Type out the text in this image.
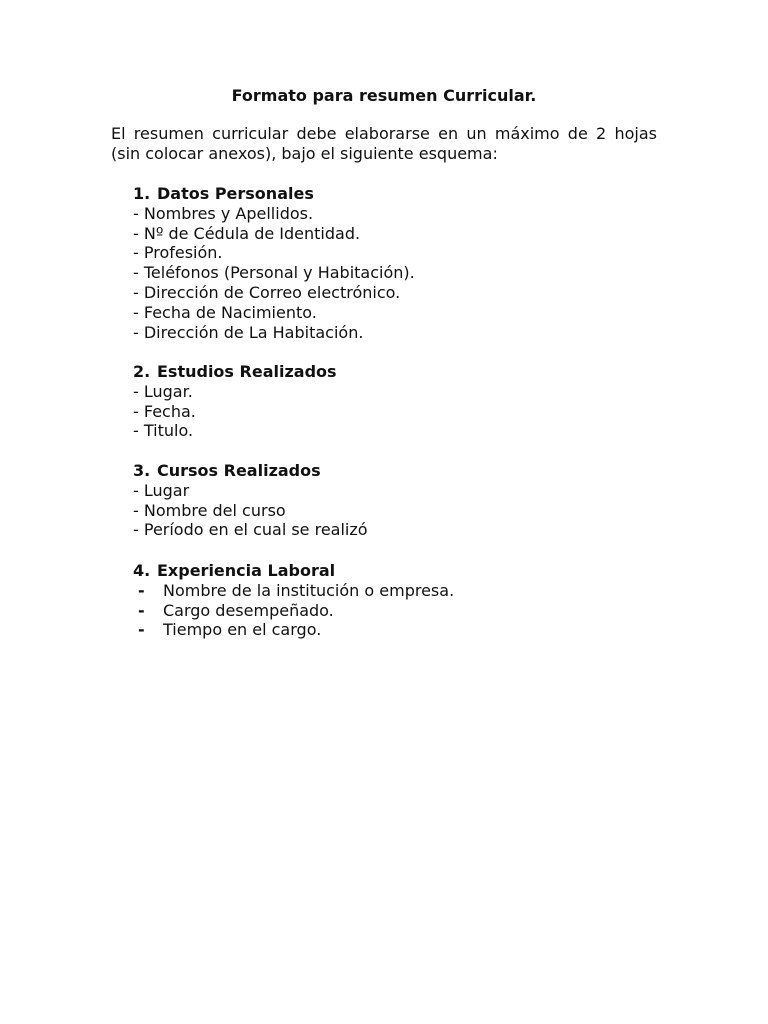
Formato para resumen Curricular.
El resumen curricular debe elaborarse en un máximo de 2 hojas (sin colocar anexos), bajo el siguiente esquema:
1. Datos Personales
- Nombres y Apellidos.
- Nº de Cédula de Identidad.
- Profesión.
- Teléfonos (Personal y Habitación).
- Dirección de Correo electrónico.
- Fecha de Nacimiento.
- Dirección de La Habitación.
2. Estudios Realizados
- Lugar.
- Fecha.
- Titulo.
3. Cursos Realizados
- Lugar
- Nombre del curso
- Período en el cual se realizó
4. Experiencia Laboral
-	Nombre de la institución o empresa.
-	Cargo desempeñado.
-	Tiempo en el cargo.
